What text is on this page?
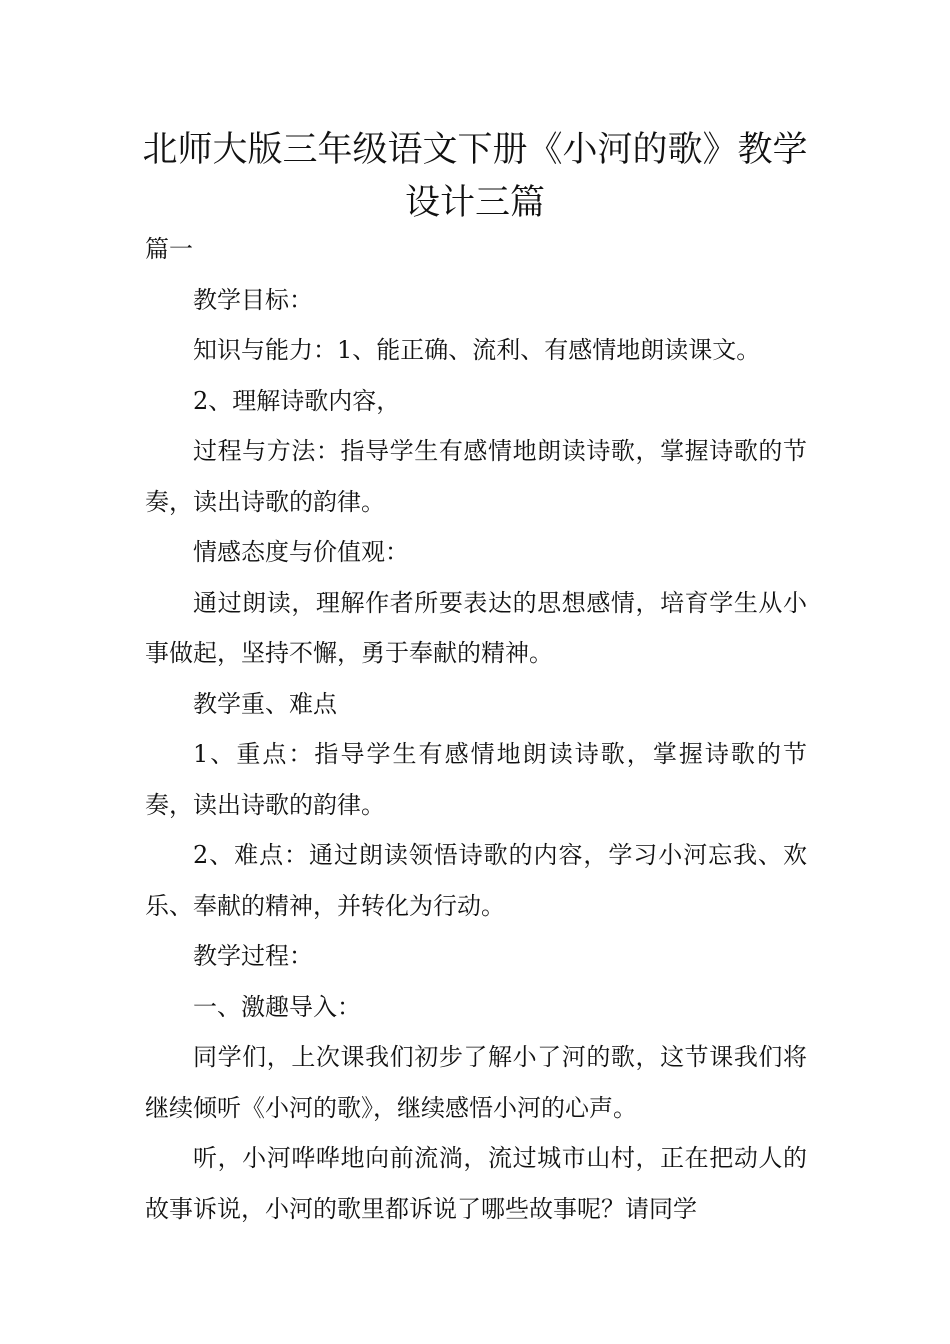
北师大版三年级语文下册《小河的歌》教学设计三篇

篇一

教学目标：

知识与能力：1、能正确、流利、有感情地朗读课文。

2、理解诗歌内容，

过程与方法：指导学生有感情地朗读诗歌，掌握诗歌的节奏，读出诗歌的韵律。

情感态度与价值观：

通过朗读，理解作者所要表达的思想感情，培育学生从小事做起，坚持不懈，勇于奉献的精神。

教学重、难点

1、重点：指导学生有感情地朗读诗歌，掌握诗歌的节奏，读出诗歌的韵律。

2、难点：通过朗读领悟诗歌的内容，学习小河忘我、欢乐、奉献的精神，并转化为行动。

教学过程：

一、激趣导入：

同学们，上次课我们初步了解小了河的歌，这节课我们将继续倾听《小河的歌》，继续感悟小河的心声。

听，小河哗哗地向前流淌，流过城市山村，正在把动人的故事诉说，小河的歌里都诉说了哪些故事呢？请同学
